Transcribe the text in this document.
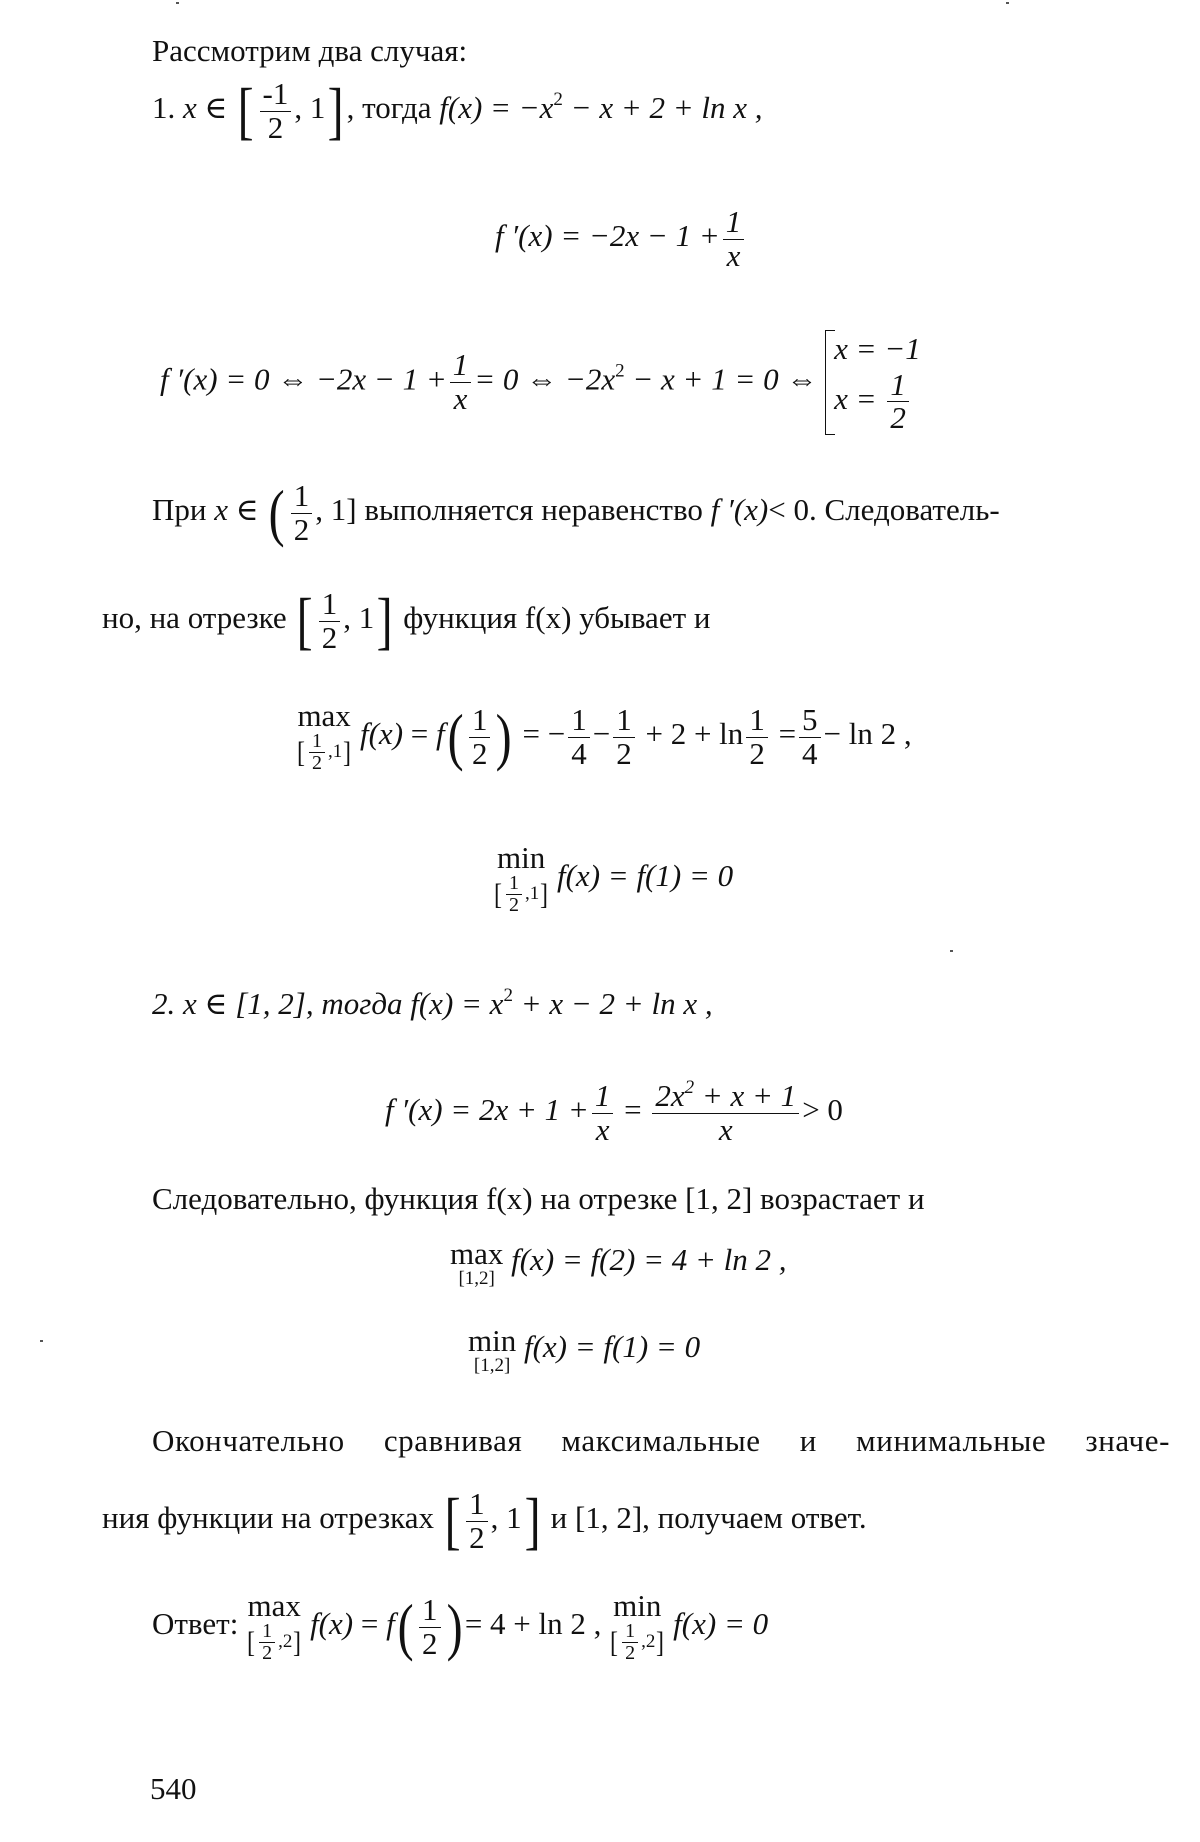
Рассмотрим два случая:
1. x ∈ [ $\frac{-1}{2}$ , 1], тогда $f(x) = -x^2 - x + 2 + \ln x$ ,
f $'(x) = -2x - 1 + \frac{1}{x}$
f ′(x) = 0 ⇔ $-2x - 1 + \frac{1}{x} = 0$ ⇔ $-2x^2 - x + 1 = 0$ ⇔
x = −1
$x = \frac{1}{2}$
При x ∈ ( $\frac{1}{2}$ , 1] выполняется неравенство f ′(x)< 0. Следователь-
но, на отрезке [ $\frac{1}{2}$ , 1] функция f(x) убывает и
max
[ $\frac{1}{2} ,1$]
$f(x) = f( \frac{1}{2}$ ) = − $\frac{1}{4} - \frac{1}{2} + 2 + \ln \frac{1}{2} = \frac{5}{4} - \ln 2$ ,
min
[ $\frac{1}{2} ,1$]
f(x) = f(1) = 0
2. x ∈ [1, 2], тогда $f(x) = x^2 + x - 2 + \ln x$ ,
f $'(x) = 2x + 1 + \frac{1}{x} = \frac{2x^2 + x + 1}{x} > 0$
Следовательно, функция f(x) на отрезке [1, 2] возрастает и
max
[1,2]
f(x) = f(2) = 4 + ln 2 ,
min
[1,2]
f(x) = f(1) = 0
Окончательно сравнивая максимальные и минимальные значе-
ния функции на отрезках [ $\frac{1}{2}$ , 1] и [1, 2], получаем ответ.
Ответ:
max
[ $\frac{1}{2} ,2$]
$f(x) = f( \frac{1}{2}$ )= 4 + ln 2 ,
min
[ $\frac{1}{2} ,2$]
f(x) = 0
540
